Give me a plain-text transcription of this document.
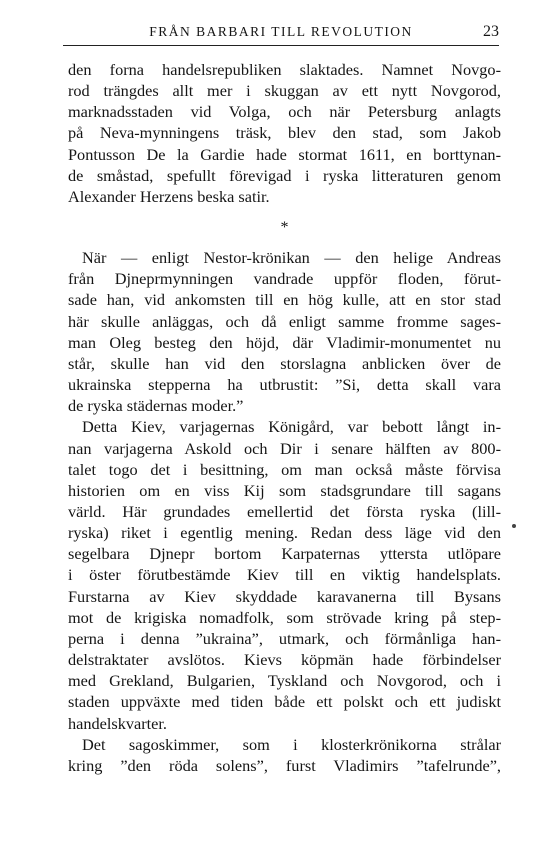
FRÅN BARBARI TILL REVOLUTION	23
den forna handelsrepubliken slaktades. Namnet Novgo-
rod trängdes allt mer i skuggan av ett nytt Novgorod,
marknadsstaden vid Volga, och när Petersburg anlagts
på Neva-mynningens träsk, blev den stad, som Jakob
Pontusson De la Gardie hade stormat 1611, en borttynan-
de småstad, spefullt förevigad i ryska litteraturen genom
Alexander Herzens beska satir.
*
När — enligt Nestor-krönikan — den helige Andreas
från Djneprmynningen vandrade uppför floden, förut-
sade han, vid ankomsten till en hög kulle, att en stor stad
här skulle anläggas, och då enligt samme fromme sages-
man Oleg besteg den höjd, där Vladimir-monumentet nu
står, skulle han vid den storslagna anblicken över de
ukrainska stepperna ha utbrustit: ”Si, detta skall vara
de ryska städernas moder.”
Detta Kiev, varjagernas Königård, var bebott långt in-
nan varjagerna Askold och Dir i senare hälften av 800-
talet togo det i besittning, om man också måste förvisa
historien om en viss Kij som stadsgrundare till sagans
värld. Här grundades emellertid det första ryska (lill-
ryska) riket i egentlig mening. Redan dess läge vid den
segelbara Djnepr bortom Karpaternas yttersta utlöpare
i öster förutbestämde Kiev till en viktig handelsplats.
Furstarna av Kiev skyddade karavanerna till Bysans
mot de krigiska nomadfolk, som strövade kring på step-
perna i denna ”ukraina”, utmark, och förmånliga han-
delstraktater avslötos. Kievs köpmän hade förbindelser
med Grekland, Bulgarien, Tyskland och Novgorod, och i
staden uppväxte med tiden både ett polskt och ett judiskt
handelskvarter.
Det sagoskimmer, som i klosterkrönikorna strålar
kring ”den röda solens”, furst Vladimirs ”tafelrunde”,
